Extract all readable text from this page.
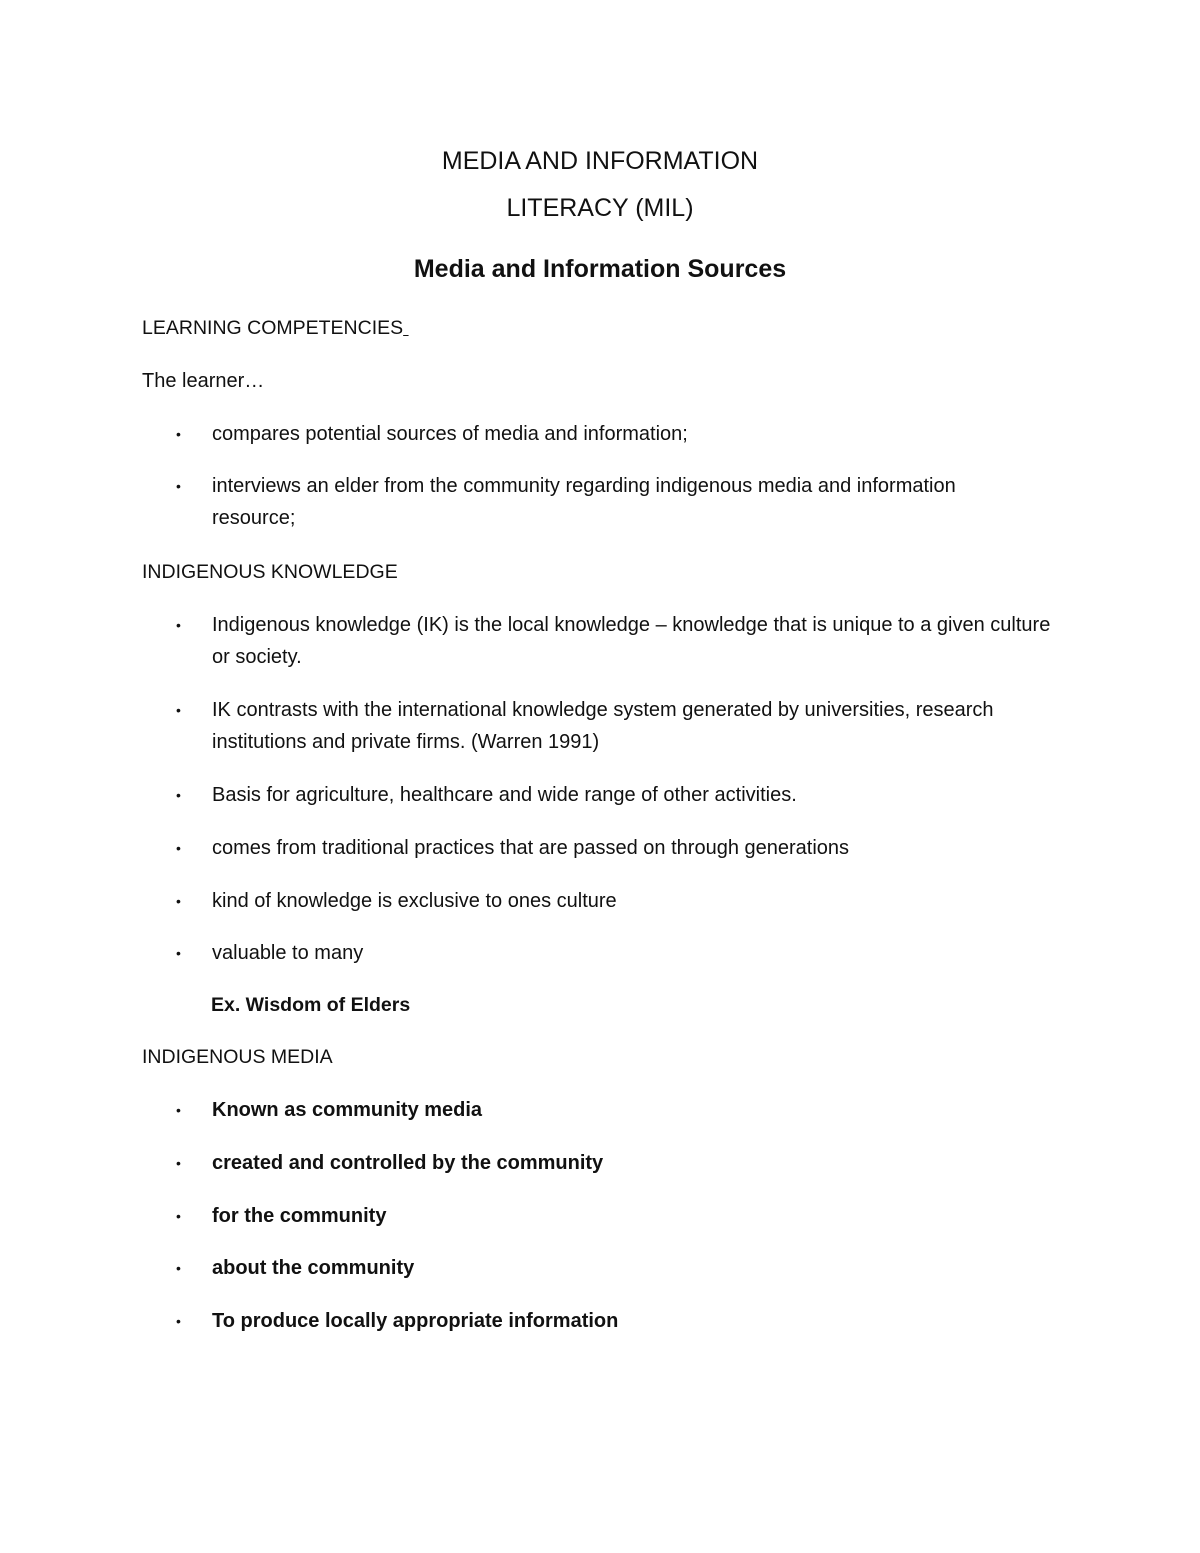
MEDIA AND INFORMATION
LITERACY (MIL)
Media and Information Sources
LEARNING COMPETENCIES
The learner…
• compares potential sources of media and information;
• interviews an elder from the community regarding indigenous media and information resource;
INDIGENOUS KNOWLEDGE
• Indigenous knowledge (IK) is the local knowledge – knowledge that is unique to a given culture or society.
• IK contrasts with the international knowledge system generated by universities, research institutions and private firms. (Warren 1991)
• Basis for agriculture, healthcare and wide range of other activities.
• comes from traditional practices that are passed on through generations
• kind of knowledge is exclusive to ones culture
• valuable to many
Ex. Wisdom of Elders
INDIGENOUS MEDIA
• Known as community media
• created and controlled by the community
• for the community
• about the community
• To produce locally appropriate information
